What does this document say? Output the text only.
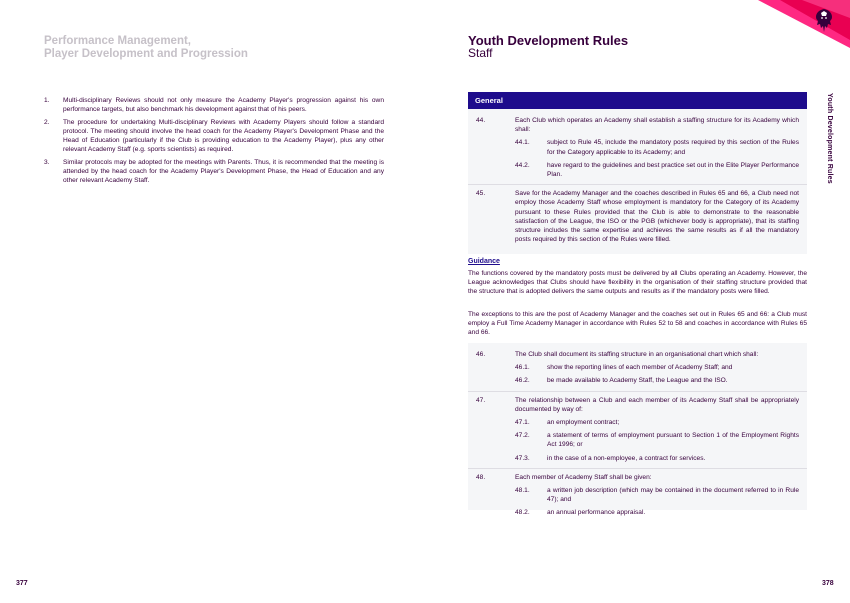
Performance Management,
Player Development and Progression
1.	Multi-disciplinary Reviews should not only measure the Academy Player's progression against his own performance targets, but also benchmark his development against that of his peers.
2.	The procedure for undertaking Multi-disciplinary Reviews with Academy Players should follow a standard protocol. The meeting should involve the head coach for the Academy Player's Development Phase and the Head of Education (particularly if the Club is providing education to the Academy Player), plus any other relevant Academy Staff (e.g. sports scientists) as required.
3.	Similar protocols may be adopted for the meetings with Parents. Thus, it is recommended that the meeting is attended by the head coach for the Academy Player's Development Phase, the Head of Education and any other relevant Academy Staff.
377
Youth Development Rules
Staff
Youth Development Rules
General
44.	Each Club which operates an Academy shall establish a staffing structure for its Academy which shall:
44.1.	subject to Rule 45, include the mandatory posts required by this section of the Rules for the Category applicable to its Academy; and
44.2.	have regard to the guidelines and best practice set out in the Elite Player Performance Plan.
45.	Save for the Academy Manager and the coaches described in Rules 65 and 66, a Club need not employ those Academy Staff whose employment is mandatory for the Category of its Academy pursuant to these Rules provided that the Club is able to demonstrate to the reasonable satisfaction of the League, the ISO or the PGB (whichever body is appropriate), that its staffing structure includes the same expertise and achieves the same results as if all the mandatory posts required by this section of the Rules were filled.
Guidance
The functions covered by the mandatory posts must be delivered by all Clubs operating an Academy. However, the League acknowledges that Clubs should have flexibility in the organisation of their staffing structure provided that the structure that is adopted delivers the same outputs and results as if the mandatory posts were filled.
The exceptions to this are the post of Academy Manager and the coaches set out in Rules 65 and 66: a Club must employ a Full Time Academy Manager in accordance with Rules 52 to 58 and coaches in accordance with Rules 65 and 66.
46.	The Club shall document its staffing structure in an organisational chart which shall:
46.1.	show the reporting lines of each member of Academy Staff; and
46.2.	be made available to Academy Staff, the League and the ISO.
47.	The relationship between a Club and each member of its Academy Staff shall be appropriately documented by way of:
47.1.	an employment contract;
47.2.	a statement of terms of employment pursuant to Section 1 of the Employment Rights Act 1996; or
47.3.	in the case of a non-employee, a contract for services.
48.	Each member of Academy Staff shall be given:
48.1.	a written job description (which may be contained in the document referred to in Rule 47); and
48.2.	an annual performance appraisal.
378
